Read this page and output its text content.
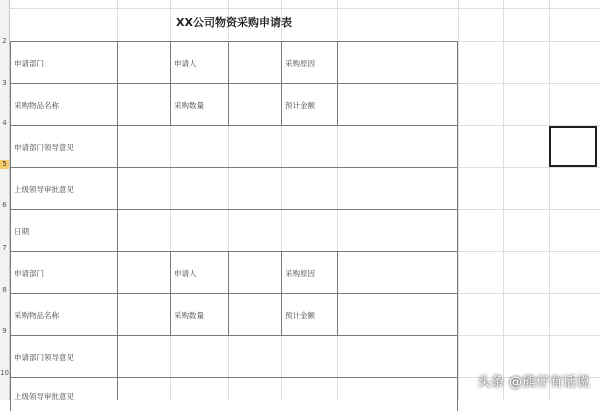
2
3
4
5
6
7
8
9
10
XX公司物资采购申请表
申请部门	申请人	采购原因
采购物品名称	采购数量	预计金额
申请部门领导意见
上级领导审批意见
日期
申请部门	申请人	采购原因
采购物品名称	采购数量	预计金额
申请部门领导意见
上级领导审批意见
头条 @熊仔有话说
